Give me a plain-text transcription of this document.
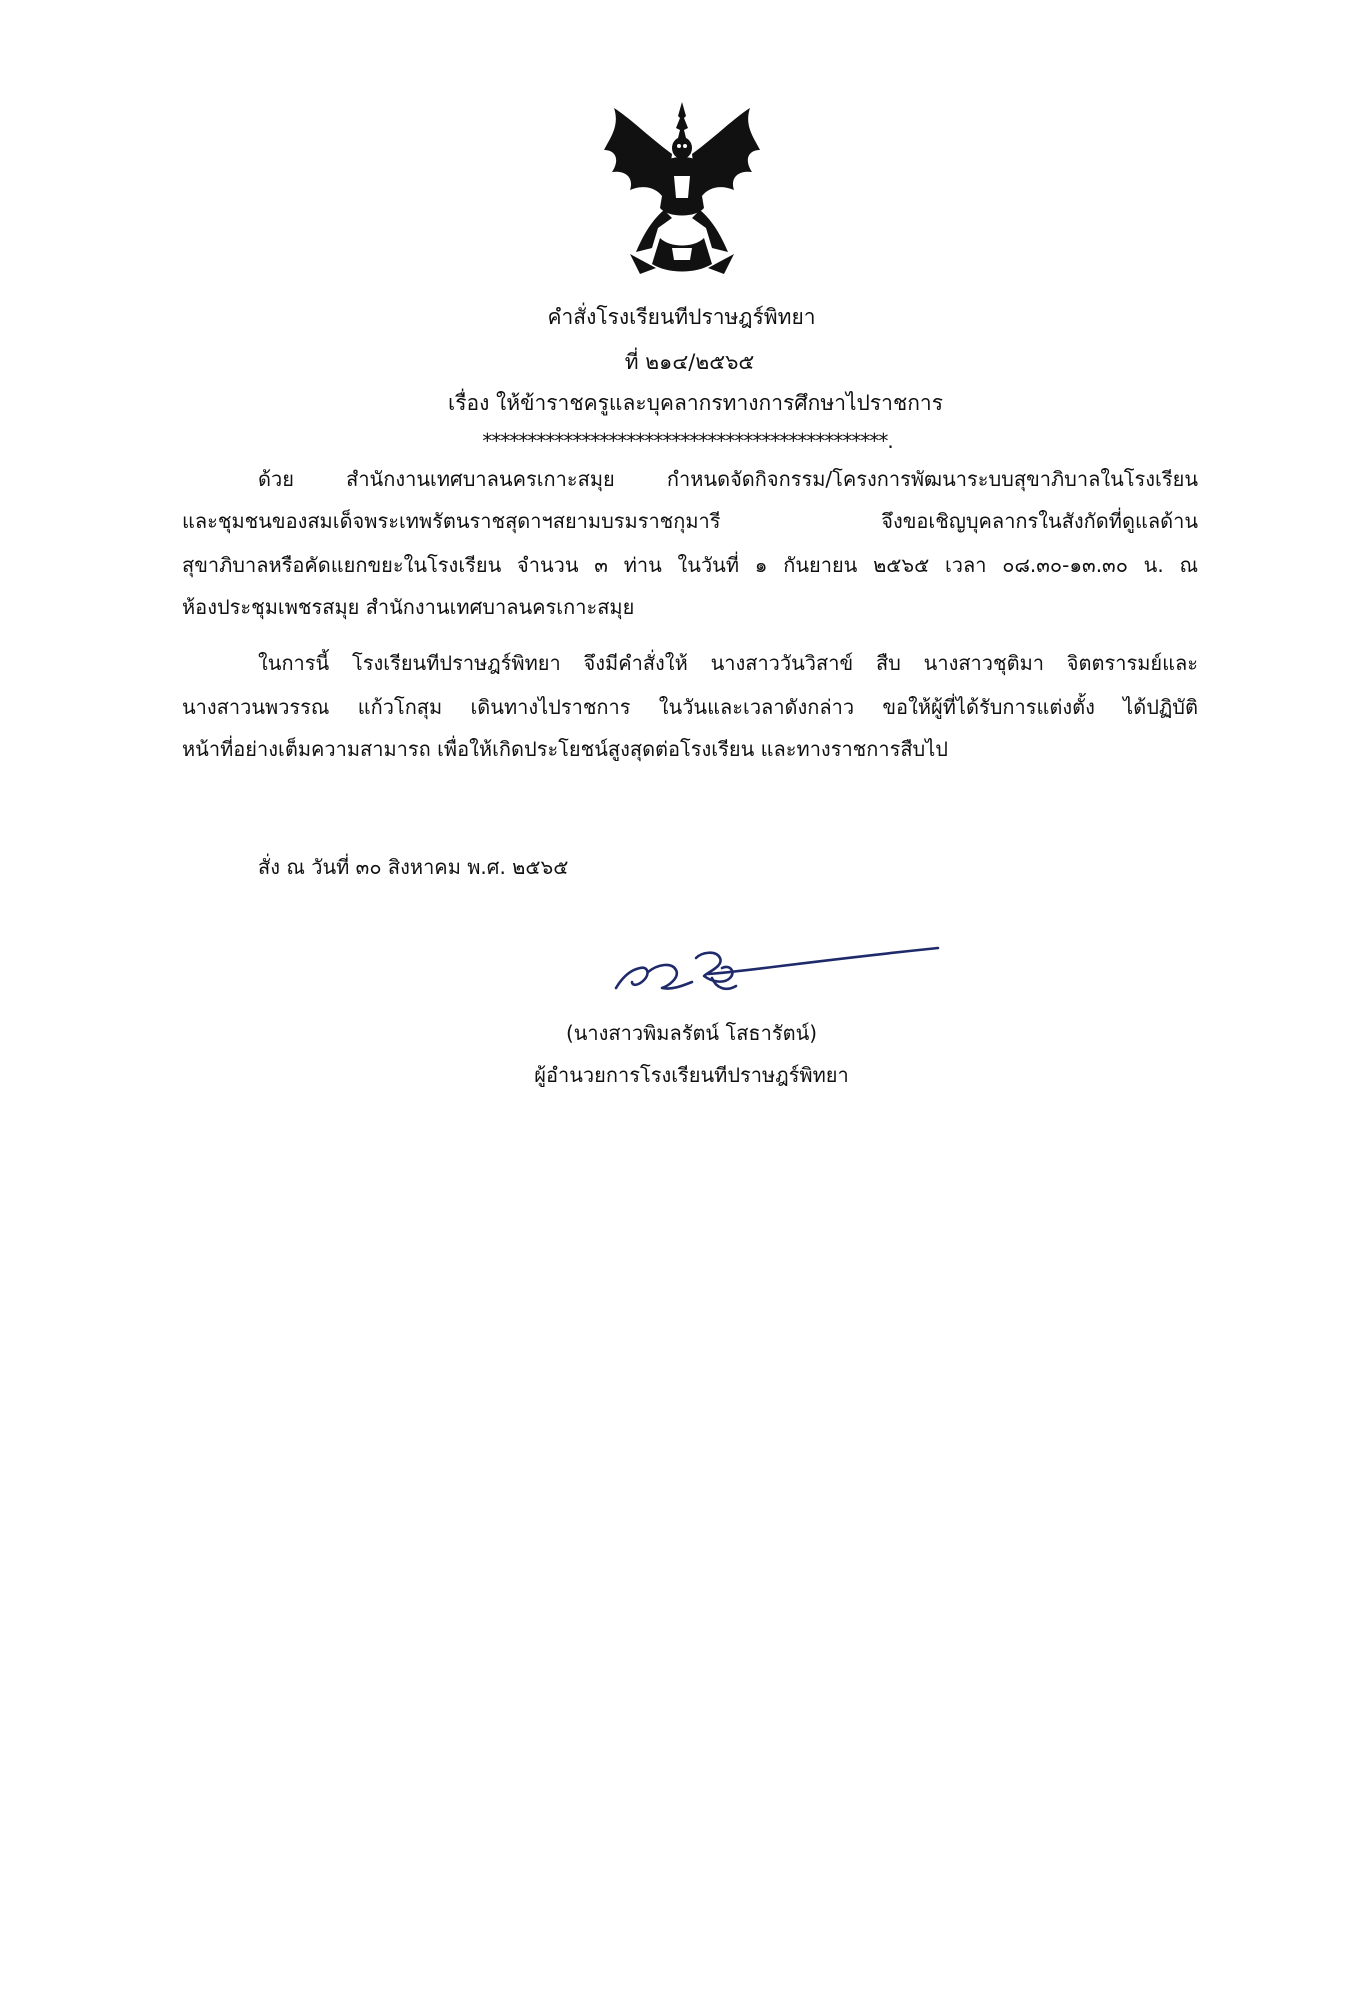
คำสั่งโรงเรียนทีปราษฎร์พิทยา
ที่ ๒๑๔/๒๕๖๕
เรื่อง ให้ข้าราชครูและบุคลากรทางการศึกษาไปราชการ
*********************************************.
ด้วย สำนักงานเทศบาลนครเกาะสมุย กำหนดจัดกิจกรรม/โครงการพัฒนาระบบสุขาภิบาลในโรงเรียน
และชุมชนของสมเด็จพระเทพรัตนราชสุดาฯสยามบรมราชกุมารี จึงขอเชิญบุคลากรในสังกัดที่ดูแลด้าน
สุขาภิบาลหรือคัดแยกขยะในโรงเรียน จำนวน ๓ ท่าน ในวันที่ ๑ กันยายน ๒๕๖๕ เวลา ๐๘.๓๐-๑๓.๓๐ น. ณ
ห้องประชุมเพชรสมุย สำนักงานเทศบาลนครเกาะสมุย
ในการนี้ โรงเรียนทีปราษฎร์พิทยา จึงมีคำสั่งให้ นางสาววันวิสาข์ สืบ นางสาวชุติมา จิตตรารมย์และ
นางสาวนพวรรณ แก้วโกสุม เดินทางไปราชการ ในวันและเวลาดังกล่าว ขอให้ผู้ที่ได้รับการแต่งตั้ง ได้ปฏิบัติ
หน้าที่อย่างเต็มความสามารถ เพื่อให้เกิดประโยชน์สูงสุดต่อโรงเรียน และทางราชการสืบไป
สั่ง ณ วันที่ ๓๐ สิงหาคม พ.ศ. ๒๕๖๕
(นางสาวพิมลรัตน์ โสธารัตน์)
ผู้อำนวยการโรงเรียนทีปราษฎร์พิทยา
